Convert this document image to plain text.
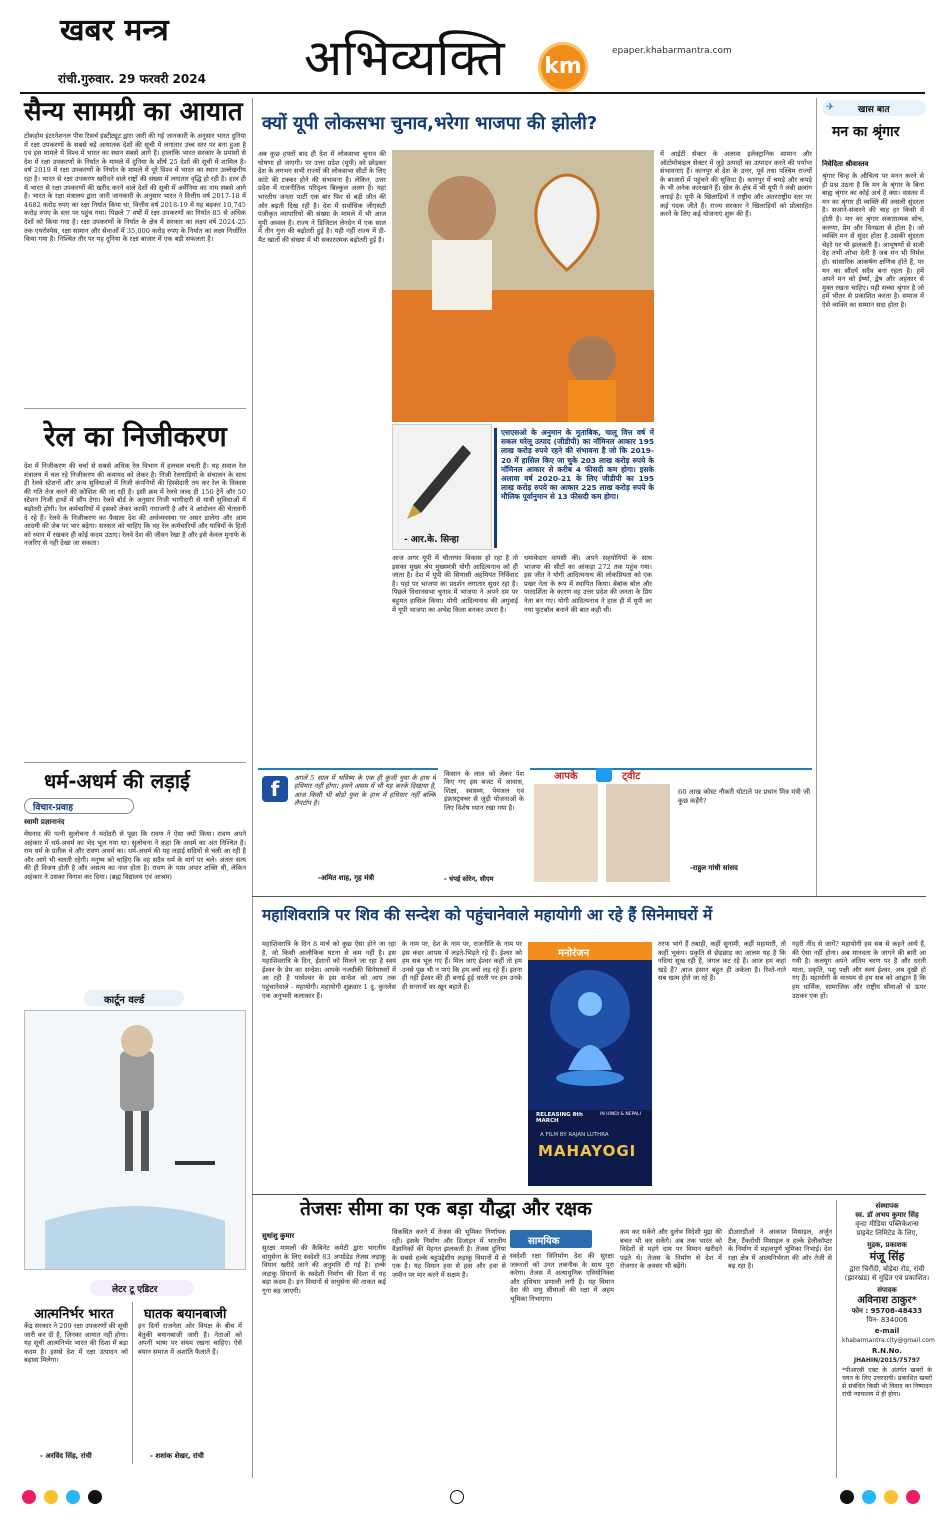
खबर मन्त्र
रांची.गुरुवार. 29 फरवरी 2024 अभिव्यक्ति km
epaper.khabarmantra.com
सैन्य सामग्री का आयात
टॉकहोम इंटरनेशनल पीस रिसर्च इंस्टीट्यूट द्वारा जारी की गई जानकारी के अनुसार भारत दुनिया में रक्षा उपकरणों के सबसे बड़े आयातक देशों की सूची में लगातार उच्च स्तर पर बना हुआ है एवं इस मामले में विश्व में भारत का स्थान सबसे आगे है। हालांकि भारत सरकार के प्रयासों से देश में रक्षा उपकरणों के निर्यात के मामले में दुनिया के शीर्ष 25 देशों की सूची में शामिल है। वर्ष 2019 में रक्षा उपकरणों के निर्यात के मामले में पूरे विश्व में भारत का स्थान उल्लेखनीय रहा है। भारत से रक्षा उपकरण खरीदने वाले राष्ट्रों की संख्या में लगातार वृद्धि हो रही है। हाल ही में भारत से रक्षा उपकरणों की खरीद करने वाले देशों की सूची में अर्मेनिया का नाम सबसे आगे है। भारत के रक्षा मंत्रालय द्वारा जारी जानकारी के अनुसार भारत ने वित्तीय वर्ष 2017-18 में 4682 करोड़ रुपए का रक्षा निर्यात किया था, वित्तीय वर्ष 2018-19 में यह बढ़कर 10,745 करोड़ रुपए के स्तर पर पहुंच गया। पिछले 7 वर्षों में रक्षा उपकरणों का निर्यात 85 से अधिक देशों को किया गया है। रक्षा उपकरणों के निर्यात के क्षेत्र में सरकार का लक्ष्य वर्ष 2024-25 तक एयरोस्पेस, रक्षा सामान और सेवाओं में 35,000 करोड़ रुपए के निर्यात का लक्ष्य निर्धारित किया गया है। निश्चित तौर पर यह दुनिया के रक्षा बाजार में एक बड़ी सफलता है।
रेल का निजीकरण
देश में निजीकरण की चर्चा से सबसे अधिक रेल विभाग में हलचल मचती है। यह सवाल रेल मंत्रालय में चल रहे निजीकरण की कवायद को लेकर है। निजी रेलगाड़ियों के संचालन के साथ ही रेलवे स्टेशनों और अन्य सुविधाओं में निजी कंपनियों की हिस्सेदारी तय कर रेल के विकास की गति तेज करने की कोशिश की जा रही है। इसी क्रम में रेलवे जल्द ही 150 ट्रेनें और 50 स्टेशन निजी हाथों में सौंप देगा। रेलवे बोर्ड के अनुसार निजी भागीदारी से यात्री सुविधाओं में बढ़ोतरी होगी। रेल कर्मचारियों में इसको लेकर काफी नाराजगी है और वे आंदोलन की चेतावनी दे रहे हैं। रेलवे के निजीकरण का फैसला देश की अर्थव्यवस्था पर असर डालेगा और आम आदमी की जेब पर भार बढ़ेगा। सरकार को चाहिए कि वह रेल कर्मचारियों और यात्रियों के हितों को ध्यान में रखकर ही कोई कदम उठाए। रेलवे देश की जीवन रेखा है और इसे केवल मुनाफे के नजरिए से नहीं देखा जा सकता।
धर्म-अधर्म की लड़ाई
विचार-प्रवाह
स्वामी प्रज्ञानानंद
मेघनाद की पत्नी सुलोचना ने मंदोदरी से पूछा कि रावण ने ऐसा क्यों किया। रावण अपने अहंकार में धर्म-अधर्म का भेद भूल गया था। सुलोचना ने कहा कि अधर्म का अंत निश्चित है। राम धर्म के प्रतीक थे और रावण अधर्म का। धर्म-अधर्म की यह लड़ाई सदियों से चली आ रही है और आगे भी चलती रहेगी। मनुष्य को चाहिए कि वह सदैव धर्म के मार्ग पर चले। अंततः सत्य की ही विजय होती है और असत्य का नाश होता है। रावण के पास अपार शक्ति थी, लेकिन अहंकार ने उसका विनाश कर दिया। (ब्रह्म विद्यालय एवं आश्रम)
कार्टून वर्ल्ड
लेटर टू एडिटर
आत्मनिर्भर भारत
केंद्र सरकार ने 209 रक्षा उपकरणों की सूची जारी कर दी है, जिनका आयात नहीं होगा। यह सूची आत्मनिर्भर भारत की दिशा में बड़ा कदम है। इससे देश में रक्षा उत्पादन को बढ़ावा मिलेगा।
- अरविंद सिंह, रांची
घातक बयानबाजी
इन दिनों राजनेता ओर विपक्ष के बीच में बेतुकी बयानबाजी जारी है। नेताओं को अपनी भाषा पर संयम रखना चाहिए। ऐसे बयान समाज में अशांति फैलाते हैं।
- शशांक शेखर, रांची
क्यों यूपी लोकसभा चुनाव,भरेगा भाजपा की झोली?
अब कुछ हफ्तों बाद ही देश में लोकसभा चुनाव की घोषणा हो जाएगी। पर उत्तर प्रदेश (यूपी) को छोड़कर देश के लगभग सभी राज्यों की लोकसभा सीटों के लिए कांटे की टक्कर होने की संभावना है। लेकिन, उत्तर प्रदेश में राजनीतिक परिदृश्य बिल्कुल अलग है। यहां भारतीय जनता पार्टी एक बार फिर से बड़ी जीत की ओर बढ़ती दिख रही है। देश में सर्वाधिक जीएसटी पंजीकृत व्यापारियों की संख्या के मामले में भी आज यूपी अव्वल है। राज्य ने डिजिटल लेनदेन में एक साल में तीन गुना की बढ़ोतरी हुई है। यही नहीं राज्य में डी-मैट खातों की संख्या में भी सकारात्मक बढ़ोतरी हुई है।
- आर.के. सिन्हा
एसएसओ के अनुमान के मुताबिक, चालू वित्त वर्ष में सकल घरेलू उत्पाद (जीडीपी) का नॉमिनल आकार 195 लाख करोड़ रुपये रहने की संभावना है जो कि 2019-20 में हासिल किए जा चुके 203 लाख करोड़ रुपये के नॉमिनल आकार से करीब 4 फीसदी कम होगा। इसके अलावा वर्ष 2020-21 के लिए जीडीपी का 195 लाख करोड़ रुपये का आकार 225 लाख करोड़ रुपये के मौलिक पूर्वानुमान से 13 फीसदी कम होगा।
आज अगर यूपी में चौतरफा विकास हो रहा है तो इसका मुख्य श्रेय मुख्यमंत्री योगी आदित्यनाथ को ही जाता है। देश में यूपी की सियासी अहमियत निर्विवाद है। यहां पर भाजपा का प्रदर्शन लगातार सुधर रहा है। पिछले विधानसभा चुनाव में भाजपा ने अपने दम पर बहुमत हासिल किया। योगी आदित्यनाथ की अगुवाई में यूपी भाजपा का अभेद्य किला बनकर उभरा है।
धमाकेदार वापसी की। अपने सहयोगियों के साथ भाजपा की सीटों का आंकड़ा 272 तक पहुंच गया। इस जीत ने योगी आदित्यनाथ की लोकप्रियता को एक प्रखर नेता के रूप में स्थापित किया। बेबाक बोल और पारदर्शिता के कारण वह उत्तर प्रदेश की जनता के प्रिय नेता बन गए। योगी आदित्यनाथ ने हाल ही में यूपी का नया फुटबॉल बनाने की बात कही थी।
में आईटी सेक्टर के अलावा इलेक्ट्रानिक सामान और ऑटोमोबाइल सेक्टर में जुड़े उत्पादों का उत्पादन करने की पर्याप्त संभावनाएं हैं। कानपुर से देश के उत्तर, पूर्व तथा पश्चिम राज्यों के बाजारों में पहुंचने की सुविधा है। कानपुर में चमड़े और कपड़े के भी अनेक कारखाने हैं। खेल के क्षेत्र में भी यूपी ने लंबी छलांग लगाई है। यूपी के खिलाड़ियों ने राष्ट्रीय और अंतरराष्ट्रीय स्तर पर कई पदक जीते हैं। राज्य सरकार ने खिलाड़ियों को प्रोत्साहित करने के लिए कई योजनाएं शुरू की हैं।
f	अगले 5 साल में भविष्य के एक ही कुंजी युवा के हाथ में हथियार नहीं होगा। हमने असम में भी यह करके दिखाया है, आज किसी भी बोडो युवा के हाथ में हथियार नहीं बल्कि लैपटॉप है।
-अमित शाह, गृह मंत्री
किसान के लाल को लेकर पेश किए गए इस बजट में आवास, शिक्षा, स्वास्थ्य, पेयजल एवं इंफ्रास्ट्रक्चर से जुड़ी योजनाओं के लिए विशेष ध्यान रखा गया है।
- चंपई सोरेन, सीएम
आपके	ट्वीट
60 लाख कोस्ट नौकरी घोटाले पर प्रधान मित्र मंत्री जी कुछ कहेंगे?
-राहुल गांधी सांसद
✈	खास बात
मन का श्रृंगार
निवेदिता श्रीवास्तव
श्रृंगार चिन्ह के औचित्य पर मनन करने से ही प्रश्न उठता है कि मन के श्रृंगार के बिना बाह्य श्रृंगार का कोई अर्थ है क्या। वास्तव में मन का श्रृंगार ही व्यक्ति की असली सुंदरता है। सजाने-संवारने की चाह हर किसी में होती है। मन का श्रृंगार सकारात्मक सोच, करुणा, प्रेम और विनम्रता से होता है। जो व्यक्ति मन से सुंदर होता है उसकी सुंदरता चेहरे पर भी झलकती है। आभूषणों से सजी देह तभी शोभा देती है जब मन भी निर्मल हो। सांसारिक आकर्षण क्षणिक होते हैं, पर मन का सौंदर्य सदैव बना रहता है। हमें अपने मन को ईर्ष्या, द्वेष और अहंकार से मुक्त रखना चाहिए। यही सच्चा श्रृंगार है जो हमें भीतर से प्रकाशित करता है। समाज में ऐसे व्यक्ति का सम्मान सदा होता है।
महाशिवरात्रि पर शिव की सन्देश को पहुंचानेवाले महायोगी आ रहे हैं सिनेमाघरों में
महाशिवरात्रि के दिन 8 मार्च को कुछ ऐसा होने जा रहा है, जो किसी आलौकिक घटना से कम नहीं है। इस महाशिवरात्रि के दिन, ईशानों को मिलने जा रहा है स्वयं ईश्वर के प्रेम का सन्देश। आपके नजदीकी सिनेमाघरों में आ रही है परमेश्वर के इस सन्देश को आप तक पहुंचानेवाले - महायोगी। महायोगी शुक्रवार 1 दु. कुनलेस एक अनुभवी कलाकार हैं।
के नाम पर, देश के नाम पर, राजनीति के नाम पर इस कदर आपस में लड़ते-भिड़ते रहे हैं। ईश्वर को हम सब भूल गए हैं। मिल जाएं ईश्वर कहीं तो हम उनसे पूछ भी न पाएं कि हम क्यों लड़ रहे हैं। इतना ही नहीं ईश्वर की ही बनाई हुई धरती पर हम उनके ही सन्तानों का खून बहाते हैं।
मनोरंजन
RELEASING 8th MARCH
IN HINDI & NEPALI
A FILM BY RAJAN LUTHRA
MAHAYOGI
तरफ भागे हैं तबाही, कहीं सुनामी, कहीं महामारी, तो कहीं भूकंप। प्रकृति से छेड़छाड़ का आलम यह है कि नदियां सूख रही हैं, जंगल कट रहे हैं। आज हम कहां खड़े हैं? आज इंसान बहुत ही अकेला है। रिश्ते-नाते सब खत्म होते जा रहे हैं।
गहरी नींद से जागें? महायोगी हम सब से कहने आये हैं, की ऐसा नहीं होना। अब मानवता के जागने की बारी आ गयी है। कलयुग अपने अंतिम चरण पर है और धरती माता, प्रकृति, पशु पक्षी और स्वयं ईश्वर, अब दुखी हो गए हैं। महायोगी के माध्यम से हम सब को आह्वान है कि हम धार्मिक, सामाजिक और राष्ट्रीय सीमाओं से ऊपर उठकर एक हों।
तेजसः सीमा का एक बड़ा यौद्धा और रक्षक
सुधांशु कुमार
सुरक्षा मामलों की कैबिनेट कमेटी द्वारा भारतीय वायुसेना के लिए स्वदेशी 83 अपग्रेडेड तेजस लड़ाकू विमान खरीदे जाने की अनुमति दी गई है। हल्के लड़ाकू विमानों के स्वदेशी निर्माण की दिशा में यह बड़ा कदम है। इन विमानों से वायुसेना की ताकत कई गुना बढ़ जाएगी।
विकसित करने में तेजस की भूमिका निर्णायक रही। इसके निर्माण और डिजाइन में भारतीय वैज्ञानिकों की मेहनत झलकती है। तेजस दुनिया के सबसे हल्के बहुउद्देशीय लड़ाकू विमानों में से एक है। यह विमान हवा से हवा और हवा से जमीन पर मार करने में सक्षम है।
सामयिक
स्वदेशी रक्षा विनिर्माण देश की सुरक्षा जरूरतों को उनत तकनीक के साथ पूरा करेगा। तेजस में अत्याधुनिक एवियोनिक्स और हथियार प्रणाली लगी है। यह विमान देश की वायु सीमाओं की रक्षा में अहम भूमिका निभाएगा।
कम कर सकेंगे और दुर्लभ विदेशी मुद्रा की बचत भी कर सकेंगे। अब तक भारत को विदेशों से महंगे दाम पर विमान खरीदने पड़ते थे। तेजस के निर्माण से देश में रोजगार के अवसर भी बढ़ेंगे।
डीआरडीओ ने आकाश मिसाइल, अर्जुन टैंक, टैंकरोधी मिसाइल व हल्के हेलीकॉप्टर के निर्माण में महत्वपूर्ण भूमिका निभाई। देश रक्षा क्षेत्र में आत्मनिर्भरता की ओर तेजी से बढ़ रहा है।
संस्थापक
स्व. डॉ अभय कुमार सिंह
वृन्दा मीडिया पब्लिकेशन्स
प्राइवेट लिमिटेड के लिए,
मुद्रक, प्रकाशक
मंजू सिंह
द्वारा चिरौंदी, बोड़ेया रोड, रांची (झारखंड) से मुद्रित एवं प्रकाशित।
संपादक
अविनाश ठाकुर*
फोन : 95708-48433
पिन- 834006
e-mail
khabarmantra.city@gmail.com
R.N.No.
JHAHIN/2015/75797
*पीआरबी एक्ट के अंतर्गत खबरों के चयन के लिए उत्तरदायी। प्रकाशित खबरों से संबंधित किसी भी विवाद का निष्पादन रांची न्यायालय में ही होगा।
